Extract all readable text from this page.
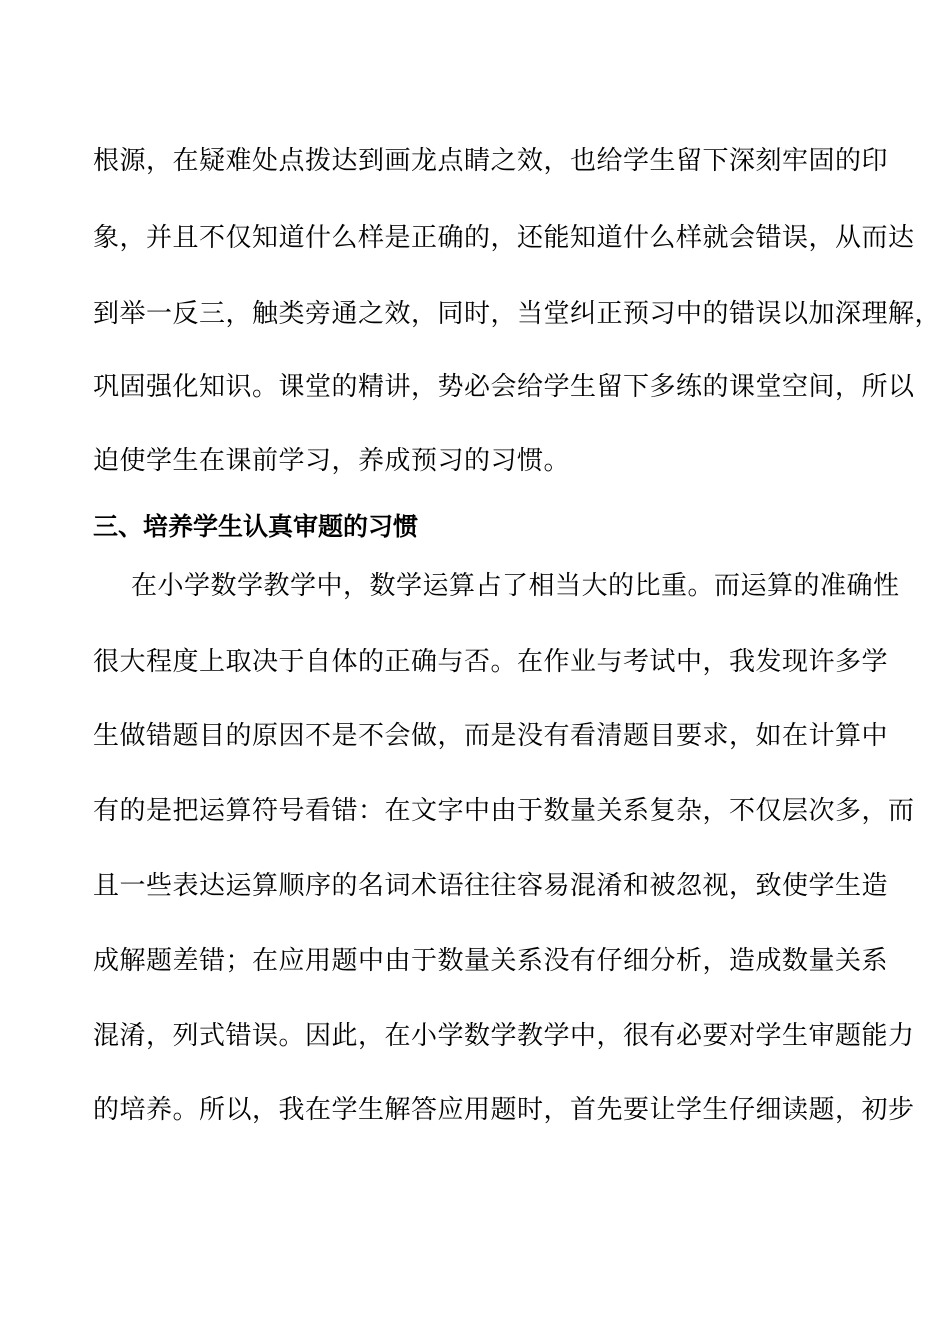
根源，在疑难处点拨达到画龙点睛之效，也给学生留下深刻牢固的印
象，并且不仅知道什么样是正确的，还能知道什么样就会错误，从而达
到举一反三，触类旁通之效，同时，当堂纠正预习中的错误以加深理解，
巩固强化知识。课堂的精讲，势必会给学生留下多练的课堂空间，所以
迫使学生在课前学习，养成预习的习惯。
三、培养学生认真审题的习惯
在小学数学教学中，数学运算占了相当大的比重。而运算的准确性
很大程度上取决于自体的正确与否。在作业与考试中，我发现许多学
生做错题目的原因不是不会做，而是没有看清题目要求，如在计算中
有的是把运算符号看错：在文字中由于数量关系复杂，不仅层次多，而
且一些表达运算顺序的名词术语往往容易混淆和被忽视，致使学生造
成解题差错；在应用题中由于数量关系没有仔细分析，造成数量关系
混淆，列式错误。因此，在小学数学教学中，很有必要对学生审题能力
的培养。所以，我在学生解答应用题时，首先要让学生仔细读题，初步
